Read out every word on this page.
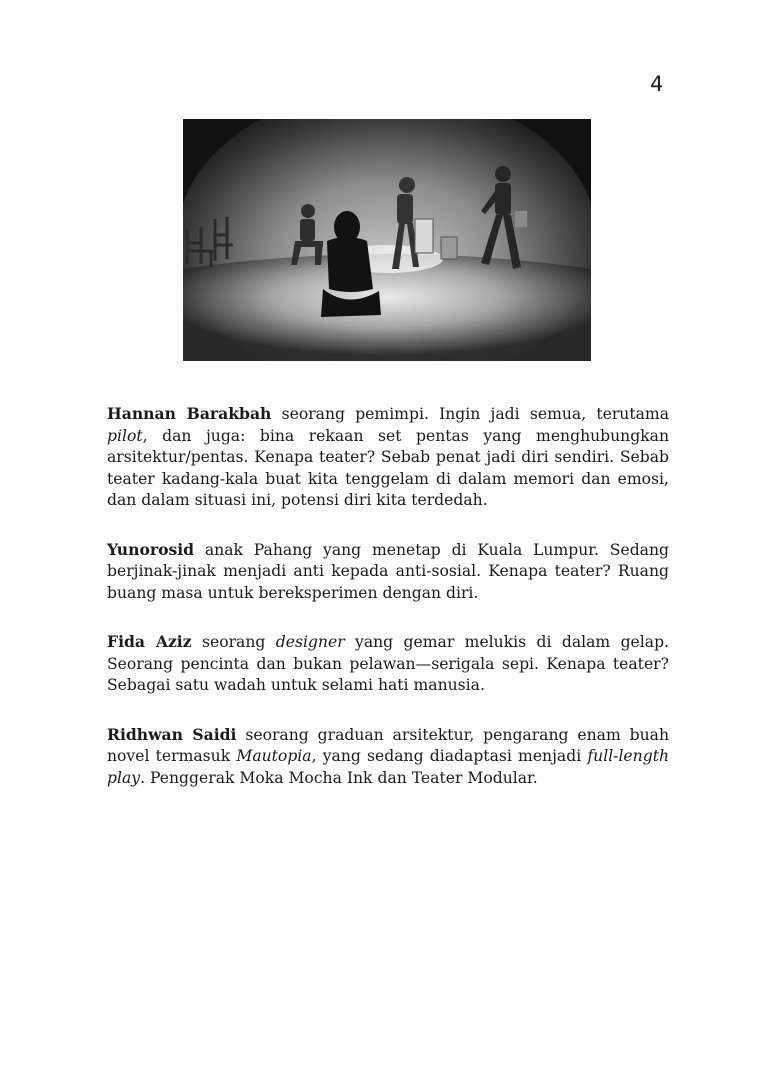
4

Hannan Barakbah seorang pemimpi. Ingin jadi semua, terutama pilot, dan juga: bina rekaan set pentas yang menghubungkan arsitektur/pentas. Kenapa teater? Sebab penat jadi diri sendiri. Sebab teater kadang-kala buat kita tenggelam di dalam memori dan emosi, dan dalam situasi ini, potensi diri kita terdedah.

Yunorosid anak Pahang yang menetap di Kuala Lumpur. Sedang berjinak-jinak menjadi anti kepada anti-sosial. Kenapa teater? Ruang buang masa untuk bereksperimen dengan diri.

Fida Aziz seorang designer yang gemar melukis di dalam gelap. Seorang pencinta dan bukan pelawan—serigala sepi. Kenapa teater? Sebagai satu wadah untuk selami hati manusia.

Ridhwan Saidi seorang graduan arsitektur, pengarang enam buah novel termasuk Mautopia, yang sedang diadaptasi menjadi full-length play. Penggerak Moka Mocha Ink dan Teater Modular.
